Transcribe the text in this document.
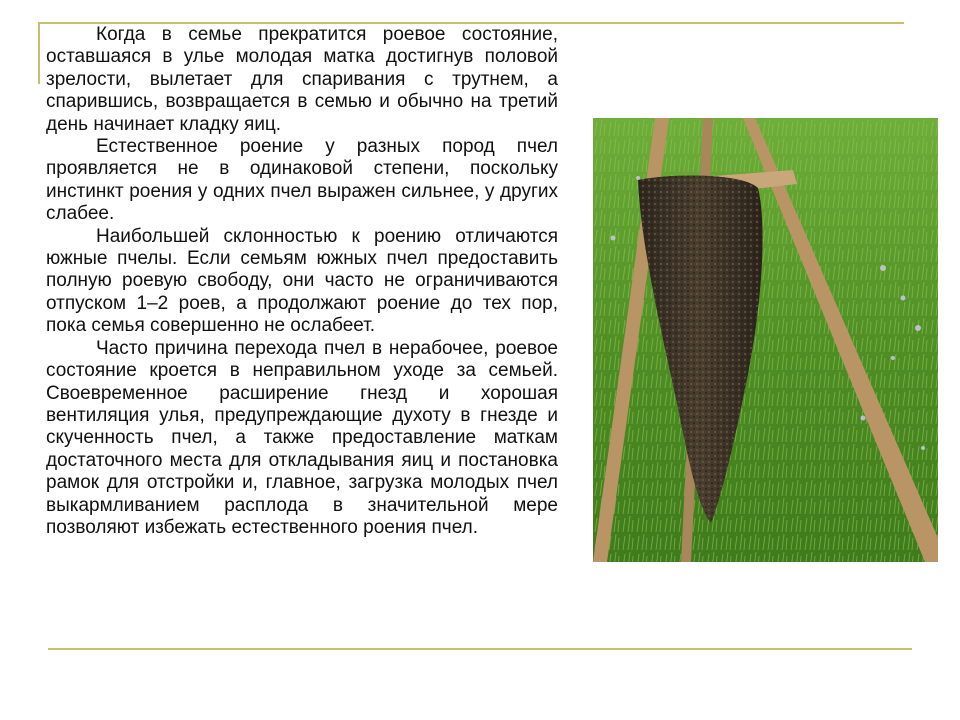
Когда в семье прекратится роевое состояние, оставшаяся в улье молодая матка достигнув половой зрелости, вылетает для спаривания с трутнем, а спарившись, возвращается в семью и обычно на третий день начинает кладку яиц.

Естественное роение у разных пород пчел проявляется не в одинаковой степени, поскольку инстинкт роения у одних пчел выражен сильнее, у других слабее.

Наибольшей склонностью к роению отличаются южные пчелы. Если семьям южных пчел предоставить полную роевую свободу, они часто не ограничиваются отпуском 1–2 роев, а продолжают роение до тех пор, пока семья совершенно не ослабеет.

Часто причина перехода пчел в нерабочее, роевое состояние кроется в неправильном уходе за семьей. Своевременное расширение гнезд и хорошая вентиляция улья, предупреждающие духоту в гнезде и скученность пчел, а также предоставление маткам достаточного места для откладывания яиц и постановка рамок для отстройки и, главное, загрузка молодых пчел выкармливанием расплода в значительной мере позволяют избежать естественного роения пчел.
